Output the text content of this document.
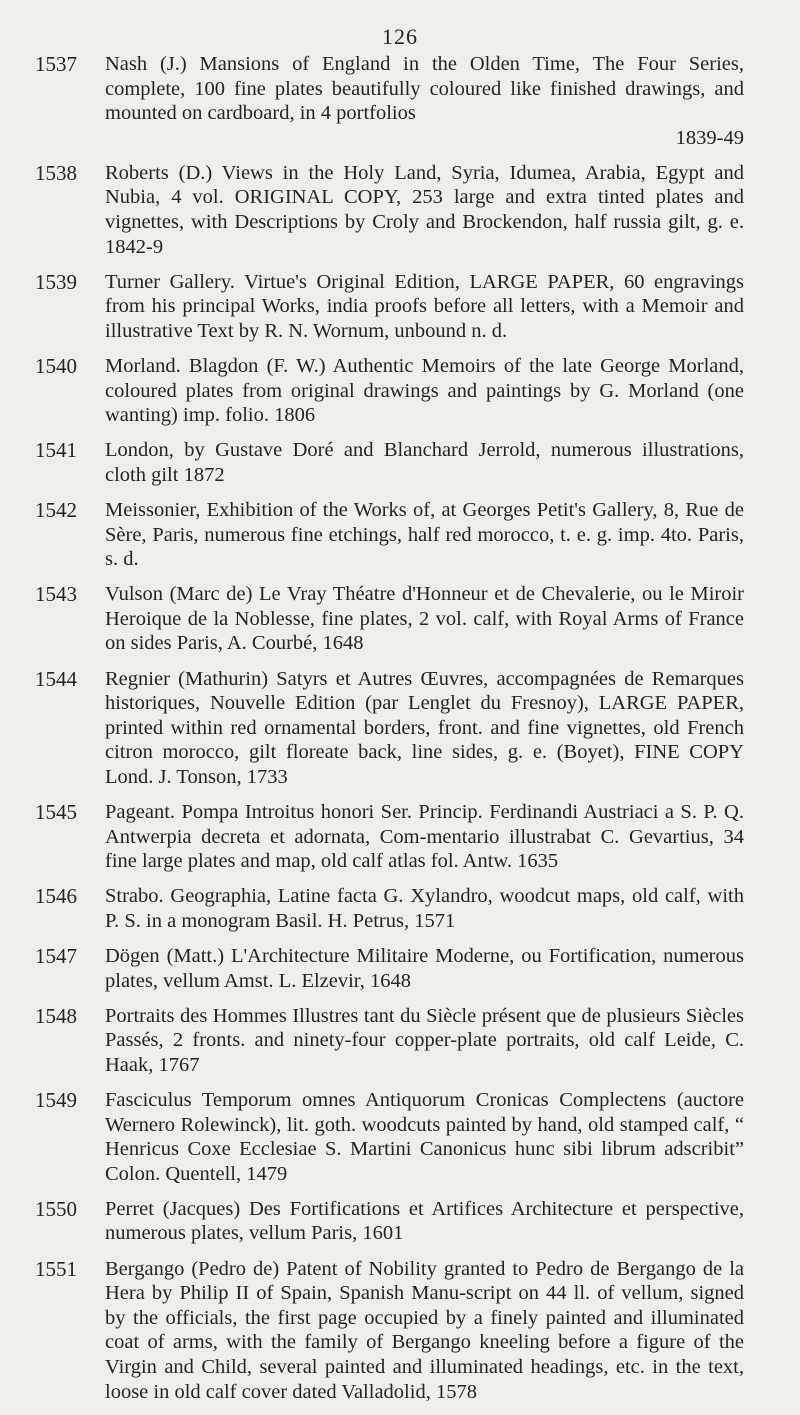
126
1537 Nash (J.) Mansions of England in the Olden Time, The Four Series, complete, 100 fine plates beautifully coloured like finished drawings, and mounted on cardboard, in 4 portfolios
1839-49
1538 Roberts (D.) Views in the Holy Land, Syria, Idumea, Arabia, Egypt and Nubia, 4 vol. ORIGINAL COPY, 253 large and extra tinted plates and vignettes, with Descriptions by Croly and Brockendon, half russia gilt, g. e. 1842-9
1539 Turner Gallery. Virtue's Original Edition, LARGE PAPER, 60 engravings from his principal Works, india proofs before all letters, with a Memoir and illustrative Text by R. N. Wornum, unbound n. d.
1540 Morland. Blagdon (F. W.) Authentic Memoirs of the late George Morland, coloured plates from original drawings and paintings by G. Morland (one wanting) imp. folio. 1806
1541 London, by Gustave Doré and Blanchard Jerrold, numerous illustrations, cloth gilt 1872
1542 Meissonier, Exhibition of the Works of, at Georges Petit's Gallery, 8, Rue de Sère, Paris, numerous fine etchings, half red morocco, t. e. g. imp. 4to. Paris, s. d.
1543 Vulson (Marc de) Le Vray Théatre d'Honneur et de Chevalerie, ou le Miroir Heroique de la Noblesse, fine plates, 2 vol. calf, with Royal Arms of France on sides Paris, A. Courbé, 1648
1544 Regnier (Mathurin) Satyrs et Autres Œuvres, accompagnées de Remarques historiques, Nouvelle Edition (par Lenglet du Fresnoy), LARGE PAPER, printed within red ornamental borders, front. and fine vignettes, old French citron morocco, gilt floreate back, line sides, g. e. (Boyet), FINE COPY Lond. J. Tonson, 1733
1545 Pageant. Pompa Introitus honori Ser. Princip. Ferdinandi Austriaci a S. P. Q. Antwerpia decreta et adornata, Com-mentario illustrabat C. Gevartius, 34 fine large plates and map, old calf atlas fol. Antw. 1635
1546 Strabo. Geographia, Latine facta G. Xylandro, woodcut maps, old calf, with P. S. in a monogram Basil. H. Petrus, 1571
1547 Dögen (Matt.) L'Architecture Militaire Moderne, ou Fortification, numerous plates, vellum Amst. L. Elzevir, 1648
1548 Portraits des Hommes Illustres tant du Siècle présent que de plusieurs Siècles Passés, 2 fronts. and ninety-four copper-plate portraits, old calf Leide, C. Haak, 1767
1549 Fasciculus Temporum omnes Antiquorum Cronicas Complectens (auctore Wernero Rolewinck), lit. goth. woodcuts painted by hand, old stamped calf, “ Henricus Coxe Ecclesiae S. Martini Canonicus hunc sibi librum adscribit” Colon. Quentell, 1479
1550 Perret (Jacques) Des Fortifications et Artifices Architecture et perspective, numerous plates, vellum Paris, 1601
1551 Bergango (Pedro de) Patent of Nobility granted to Pedro de Bergango de la Hera by Philip II of Spain, Spanish Manu-script on 44 ll. of vellum, signed by the officials, the first page occupied by a finely painted and illuminated coat of arms, with the family of Bergango kneeling before a figure of the Virgin and Child, several painted and illuminated headings, etc. in the text, loose in old calf cover dated Valladolid, 1578
